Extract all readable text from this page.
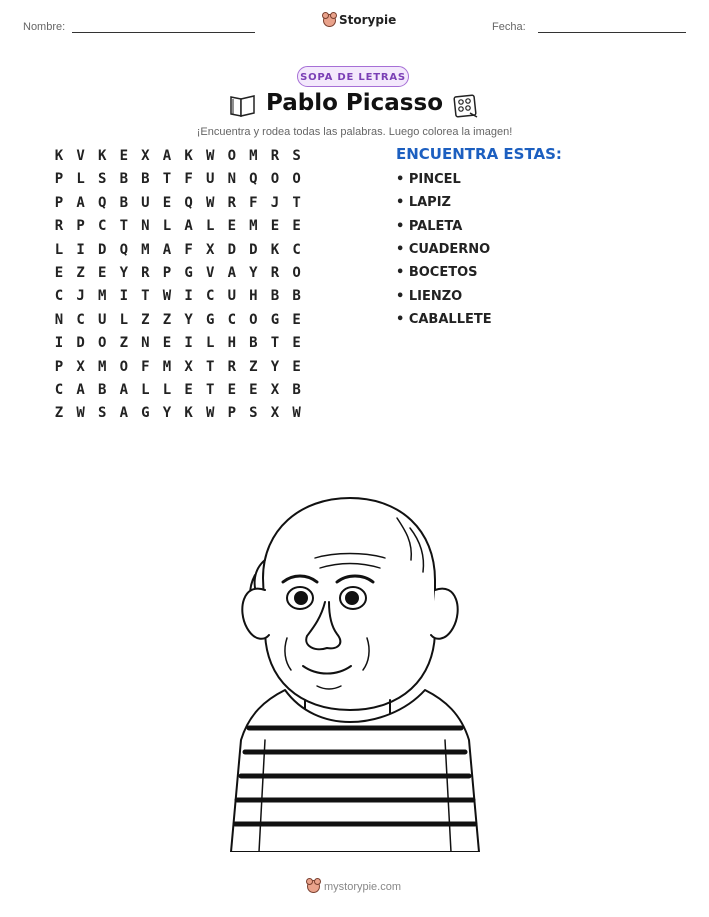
Nombre:	Storypie	Fecha:
SOPA DE LETRAS
Pablo Picasso
¡Encuentra y rodea todas las palabras. Luego colorea la imagen!
K V K E X A K W O M R S
P L S B B T F U N Q O O
P A Q B U E Q W R F J T
R P C T N L A L E M E E
L I D Q M A F X D D K C
E Z E Y R P G V A Y R O
C J M I T W I C U H B B
N C U L Z Z Y G C O G E
I D O Z N E I L H B T E
P X M O F M X T R Z Y E
C A B A L L E T E E X B
Z W S A G Y K W P S X W
ENCUENTRA ESTAS:
• PINCEL
• LAPIZ
• PALETA
• CUADERNO
• BOCETOS
• LIENZO
• CABALLETE
mystorypie.com
